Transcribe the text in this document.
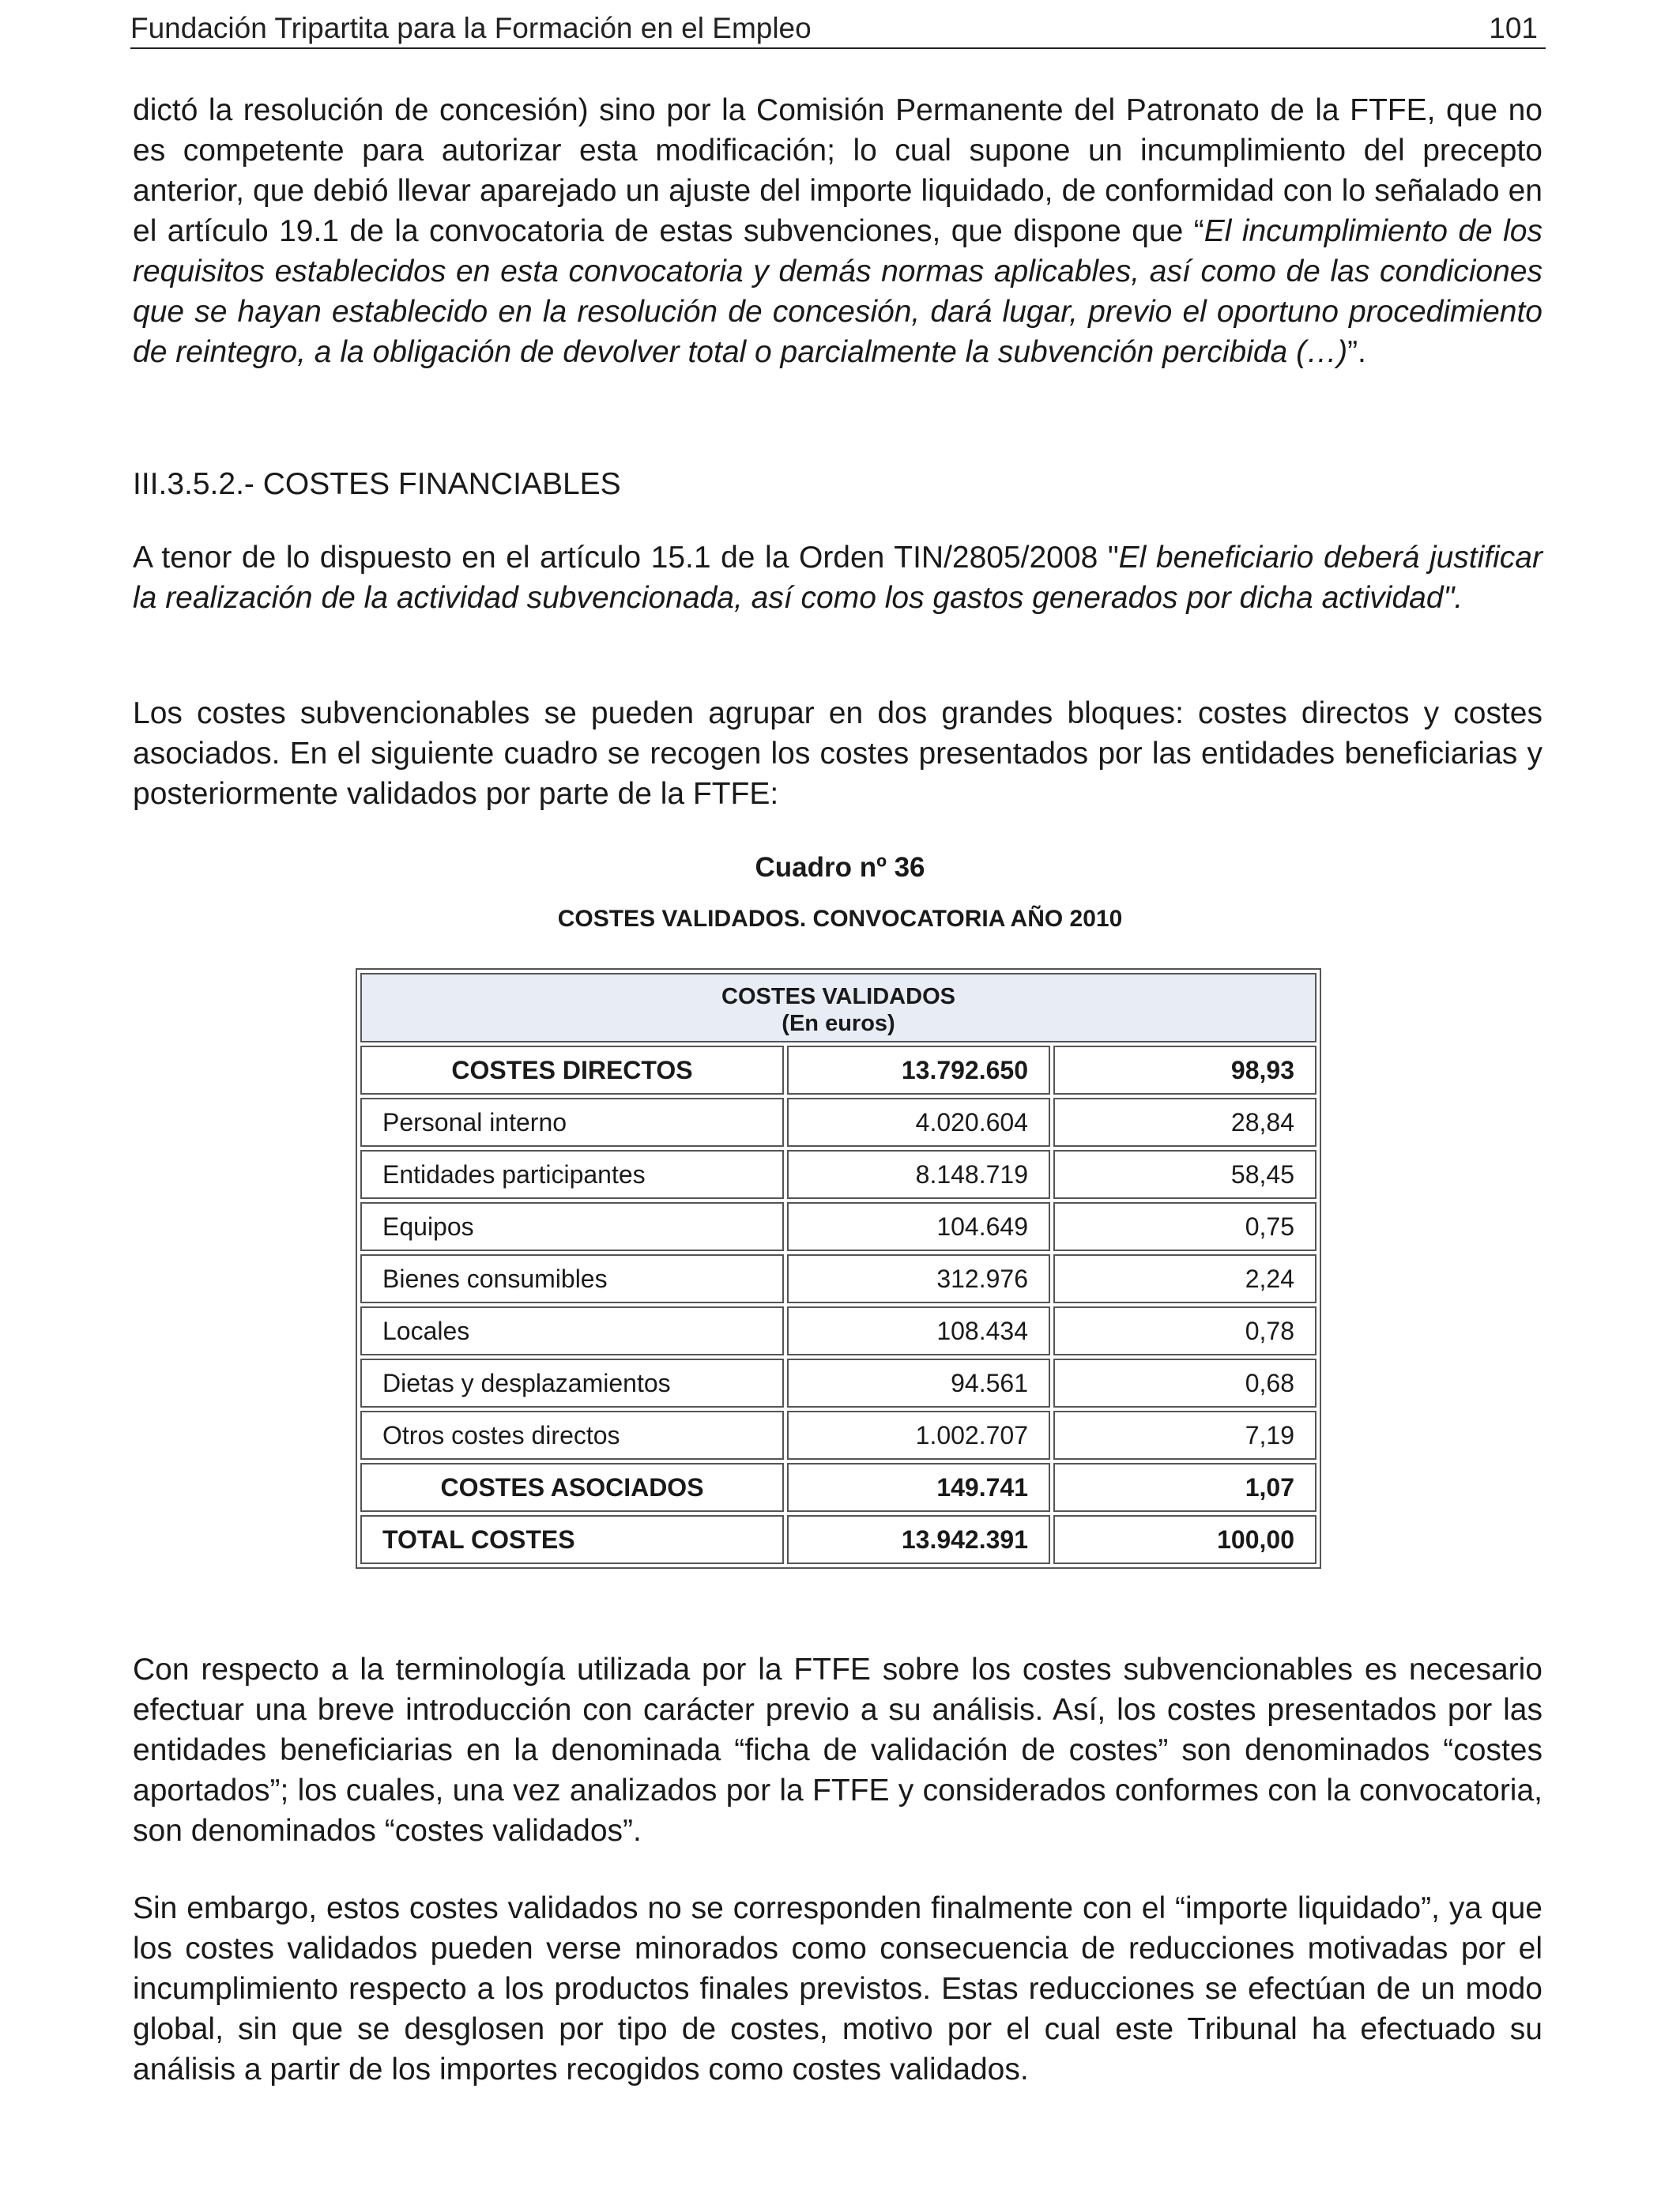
Fundación Tripartita para la Formación en el Empleo	101

dictó la resolución de concesión) sino por la Comisión Permanente del Patronato de la FTFE, que no es competente para autorizar esta modificación; lo cual supone un incumplimiento del precepto anterior, que debió llevar aparejado un ajuste del importe liquidado, de conformidad con lo señalado en el artículo 19.1 de la convocatoria de estas subvenciones, que dispone que “El incumplimiento de los requisitos establecidos en esta convocatoria y demás normas aplicables, así como de las condiciones que se hayan establecido en la resolución de concesión, dará lugar, previo el oportuno procedimiento de reintegro, a la obligación de devolver total o parcialmente la subvención percibida (…)”.

III.3.5.2.- COSTES FINANCIABLES

A tenor de lo dispuesto en el artículo 15.1 de la Orden TIN/2805/2008 "El beneficiario deberá justificar la realización de la actividad subvencionada, así como los gastos generados por dicha actividad".

Los costes subvencionables se pueden agrupar en dos grandes bloques: costes directos y costes asociados. En el siguiente cuadro se recogen los costes presentados por las entidades beneficiarias y posteriormente validados por parte de la FTFE:

Cuadro nº 36
COSTES VALIDADOS. CONVOCATORIA AÑO 2010
COSTES VALIDADOS
(En euros)		

COSTES DIRECTOS	13.792.650	98,93
Personal interno	4.020.604	28,84
Entidades participantes	8.148.719	58,45
Equipos	104.649	0,75
Bienes consumibles	312.976	2,24
Locales	108.434	0,78
Dietas y desplazamientos	94.561	0,68
Otros costes directos	1.002.707	7,19
COSTES ASOCIADOS	149.741	1,07
TOTAL COSTES	13.942.391	100,00

Con respecto a la terminología utilizada por la FTFE sobre los costes subvencionables es necesario efectuar una breve introducción con carácter previo a su análisis. Así, los costes presentados por las entidades beneficiarias en la denominada “ficha de validación de costes” son denominados “costes aportados”; los cuales, una vez analizados por la FTFE y considerados conformes con la convocatoria, son denominados “costes validados”.

Sin embargo, estos costes validados no se corresponden finalmente con el “importe liquidado”, ya que los costes validados pueden verse minorados como consecuencia de reducciones motivadas por el incumplimiento respecto a los productos finales previstos. Estas reducciones se efectúan de un modo global, sin que se desglosen por tipo de costes, motivo por el cual este Tribunal ha efectuado su análisis a partir de los importes recogidos como costes validados.
